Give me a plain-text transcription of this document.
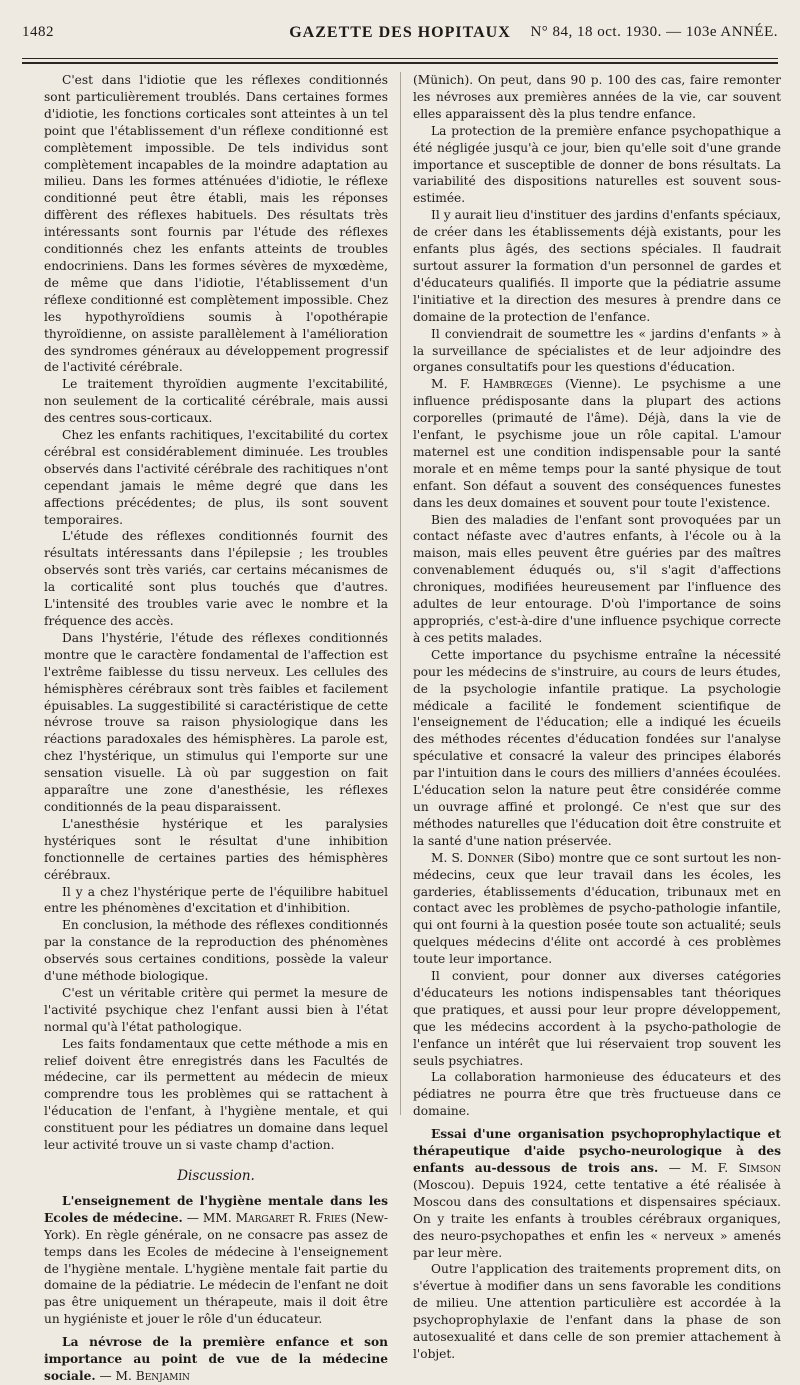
1482	GAZETTE DES HOPITAUX	N° 84, 18 oct. 1930. — 103e ANNÉE.

C'est dans l'idiotie que les réflexes conditionnés sont particulièrement troublés. Dans certaines formes d'idiotie, les fonctions corticales sont atteintes à un tel point que l'établissement d'un réflexe conditionné est complètement impossible. De tels individus sont complètement incapables de la moindre adaptation au milieu. Dans les formes atténuées d'idiotie, le réflexe conditionné peut être établi, mais les réponses diffèrent des réflexes habituels. Des résultats très intéressants sont fournis par l'étude des réflexes conditionnés chez les enfants atteints de troubles endocriniens. Dans les formes sévères de myxœdème, de même que dans l'idiotie, l'établissement d'un réflexe conditionné est complètement impossible. Chez les hypothyroïdiens soumis à l'opothérapie thyroïdienne, on assiste parallèlement à l'amélioration des syndromes généraux au développement progressif de l'activité cérébrale.

Le traitement thyroïdien augmente l'excitabilité, non seulement de la corticalité cérébrale, mais aussi des centres sous-corticaux.

Chez les enfants rachitiques, l'excitabilité du cortex cérébral est considérablement diminuée. Les troubles observés dans l'activité cérébrale des rachitiques n'ont cependant jamais le même degré que dans les affections précédentes; de plus, ils sont souvent temporaires.

L'étude des réflexes conditionnés fournit des résultats intéressants dans l'épilepsie ; les troubles observés sont très variés, car certains mécanismes de la corticalité sont plus touchés que d'autres. L'intensité des troubles varie avec le nombre et la fréquence des accès.

Dans l'hystérie, l'étude des réflexes conditionnés montre que le caractère fondamental de l'affection est l'extrême faiblesse du tissu nerveux. Les cellules des hémisphères cérébraux sont très faibles et facilement épuisables. La suggestibilité si caractéristique de cette névrose trouve sa raison physiologique dans les réactions paradoxales des hémisphères. La parole est, chez l'hystérique, un stimulus qui l'emporte sur une sensation visuelle. Là où par suggestion on fait apparaître une zone d'anesthésie, les réflexes conditionnés de la peau disparaissent.

L'anesthésie hystérique et les paralysies hystériques sont le résultat d'une inhibition fonctionnelle de certaines parties des hémisphères cérébraux.

Il y a chez l'hystérique perte de l'équilibre habituel entre les phénomènes d'excitation et d'inhibition.

En conclusion, la méthode des réflexes conditionnés par la constance de la reproduction des phénomènes observés sous certaines conditions, possède la valeur d'une méthode biologique.

C'est un véritable critère qui permet la mesure de l'activité psychique chez l'enfant aussi bien à l'état normal qu'à l'état pathologique.

Les faits fondamentaux que cette méthode a mis en relief doivent être enregistrés dans les Facultés de médecine, car ils permettent au médecin de mieux comprendre tous les problèmes qui se rattachent à l'éducation de l'enfant, à l'hygiène mentale, et qui constituent pour les pédiatres un domaine dans lequel leur activité trouve un si vaste champ d'action.

Discussion.

L'enseignement de l'hygiène mentale dans les Ecoles de médecine. — MM. Margaret R. Fries (New-York). En règle générale, on ne consacre pas assez de temps dans les Ecoles de médecine à l'enseignement de l'hygiène mentale. L'hygiène mentale fait partie du domaine de la pédiatrie. Le médecin de l'enfant ne doit pas être uniquement un thérapeute, mais il doit être un hygiéniste et jouer le rôle d'un éducateur.

La névrose de la première enfance et son importance au point de vue de la médecine sociale. — M. Benjamin

(Münich). On peut, dans 90 p. 100 des cas, faire remonter les névroses aux premières années de la vie, car souvent elles apparaissent dès la plus tendre enfance.

La protection de la première enfance psychopathique a été négligée jusqu'à ce jour, bien qu'elle soit d'une grande importance et susceptible de donner de bons résultats. La variabilité des dispositions naturelles est souvent sous-estimée.

Il y aurait lieu d'instituer des jardins d'enfants spéciaux, de créer dans les établissements déjà existants, pour les enfants plus âgés, des sections spéciales. Il faudrait surtout assurer la formation d'un personnel de gardes et d'éducateurs qualifiés. Il importe que la pédiatrie assume l'initiative et la direction des mesures à prendre dans ce domaine de la protection de l'enfance.

Il conviendrait de soumettre les « jardins d'enfants » à la surveillance de spécialistes et de leur adjoindre des organes consultatifs pour les questions d'éducation.

M. F. Hambrœges (Vienne). Le psychisme a une influence prédisposante dans la plupart des actions corporelles (primauté de l'âme). Déjà, dans la vie de l'enfant, le psychisme joue un rôle capital. L'amour maternel est une condition indispensable pour la santé morale et en même temps pour la santé physique de tout enfant. Son défaut a souvent des conséquences funestes dans les deux domaines et souvent pour toute l'existence.

Bien des maladies de l'enfant sont provoquées par un contact néfaste avec d'autres enfants, à l'école ou à la maison, mais elles peuvent être guéries par des maîtres convenablement éduqués ou, s'il s'agit d'affections chroniques, modifiées heureusement par l'influence des adultes de leur entourage. D'où l'importance de soins appropriés, c'est-à-dire d'une influence psychique correcte à ces petits malades.

Cette importance du psychisme entraîne la nécessité pour les médecins de s'instruire, au cours de leurs études, de la psychologie infantile pratique. La psychologie médicale a facilité le fondement scientifique de l'enseignement de l'éducation; elle a indiqué les écueils des méthodes récentes d'éducation fondées sur l'analyse spéculative et consacré la valeur des principes élaborés par l'intuition dans le cours des milliers d'années écoulées. L'éducation selon la nature peut être considérée comme un ouvrage affiné et prolongé. Ce n'est que sur des méthodes naturelles que l'éducation doit être construite et la santé d'une nation préservée.

M. S. Donner (Sibo) montre que ce sont surtout les non-médecins, ceux que leur travail dans les écoles, les garderies, établissements d'éducation, tribunaux met en contact avec les problèmes de psycho-pathologie infantile, qui ont fourni à la question posée toute son actualité; seuls quelques médecins d'élite ont accordé à ces problèmes toute leur importance.

Il convient, pour donner aux diverses catégories d'éducateurs les notions indispensables tant théoriques que pratiques, et aussi pour leur propre développement, que les médecins accordent à la psycho-pathologie de l'enfance un intérêt que lui réservaient trop souvent les seuls psychiatres.

La collaboration harmonieuse des éducateurs et des pédiatres ne pourra être que très fructueuse dans ce domaine.

Essai d'une organisation psychoprophylactique et thérapeutique d'aide psycho-neurologique à des enfants au-dessous de trois ans. — M. F. Simson (Moscou). Depuis 1924, cette tentative a été réalisée à Moscou dans des consultations et dispensaires spéciaux. On y traite les enfants à troubles cérébraux organiques, des neuro-psychopathes et enfin les « nerveux » amenés par leur mère.

Outre l'application des traitements proprement dits, on s'évertue à modifier dans un sens favorable les conditions de milieu. Une attention particulière est accordée à la psychoprophylaxie de l'enfant dans la phase de son autosexualité et dans celle de son premier attachement à l'objet.
